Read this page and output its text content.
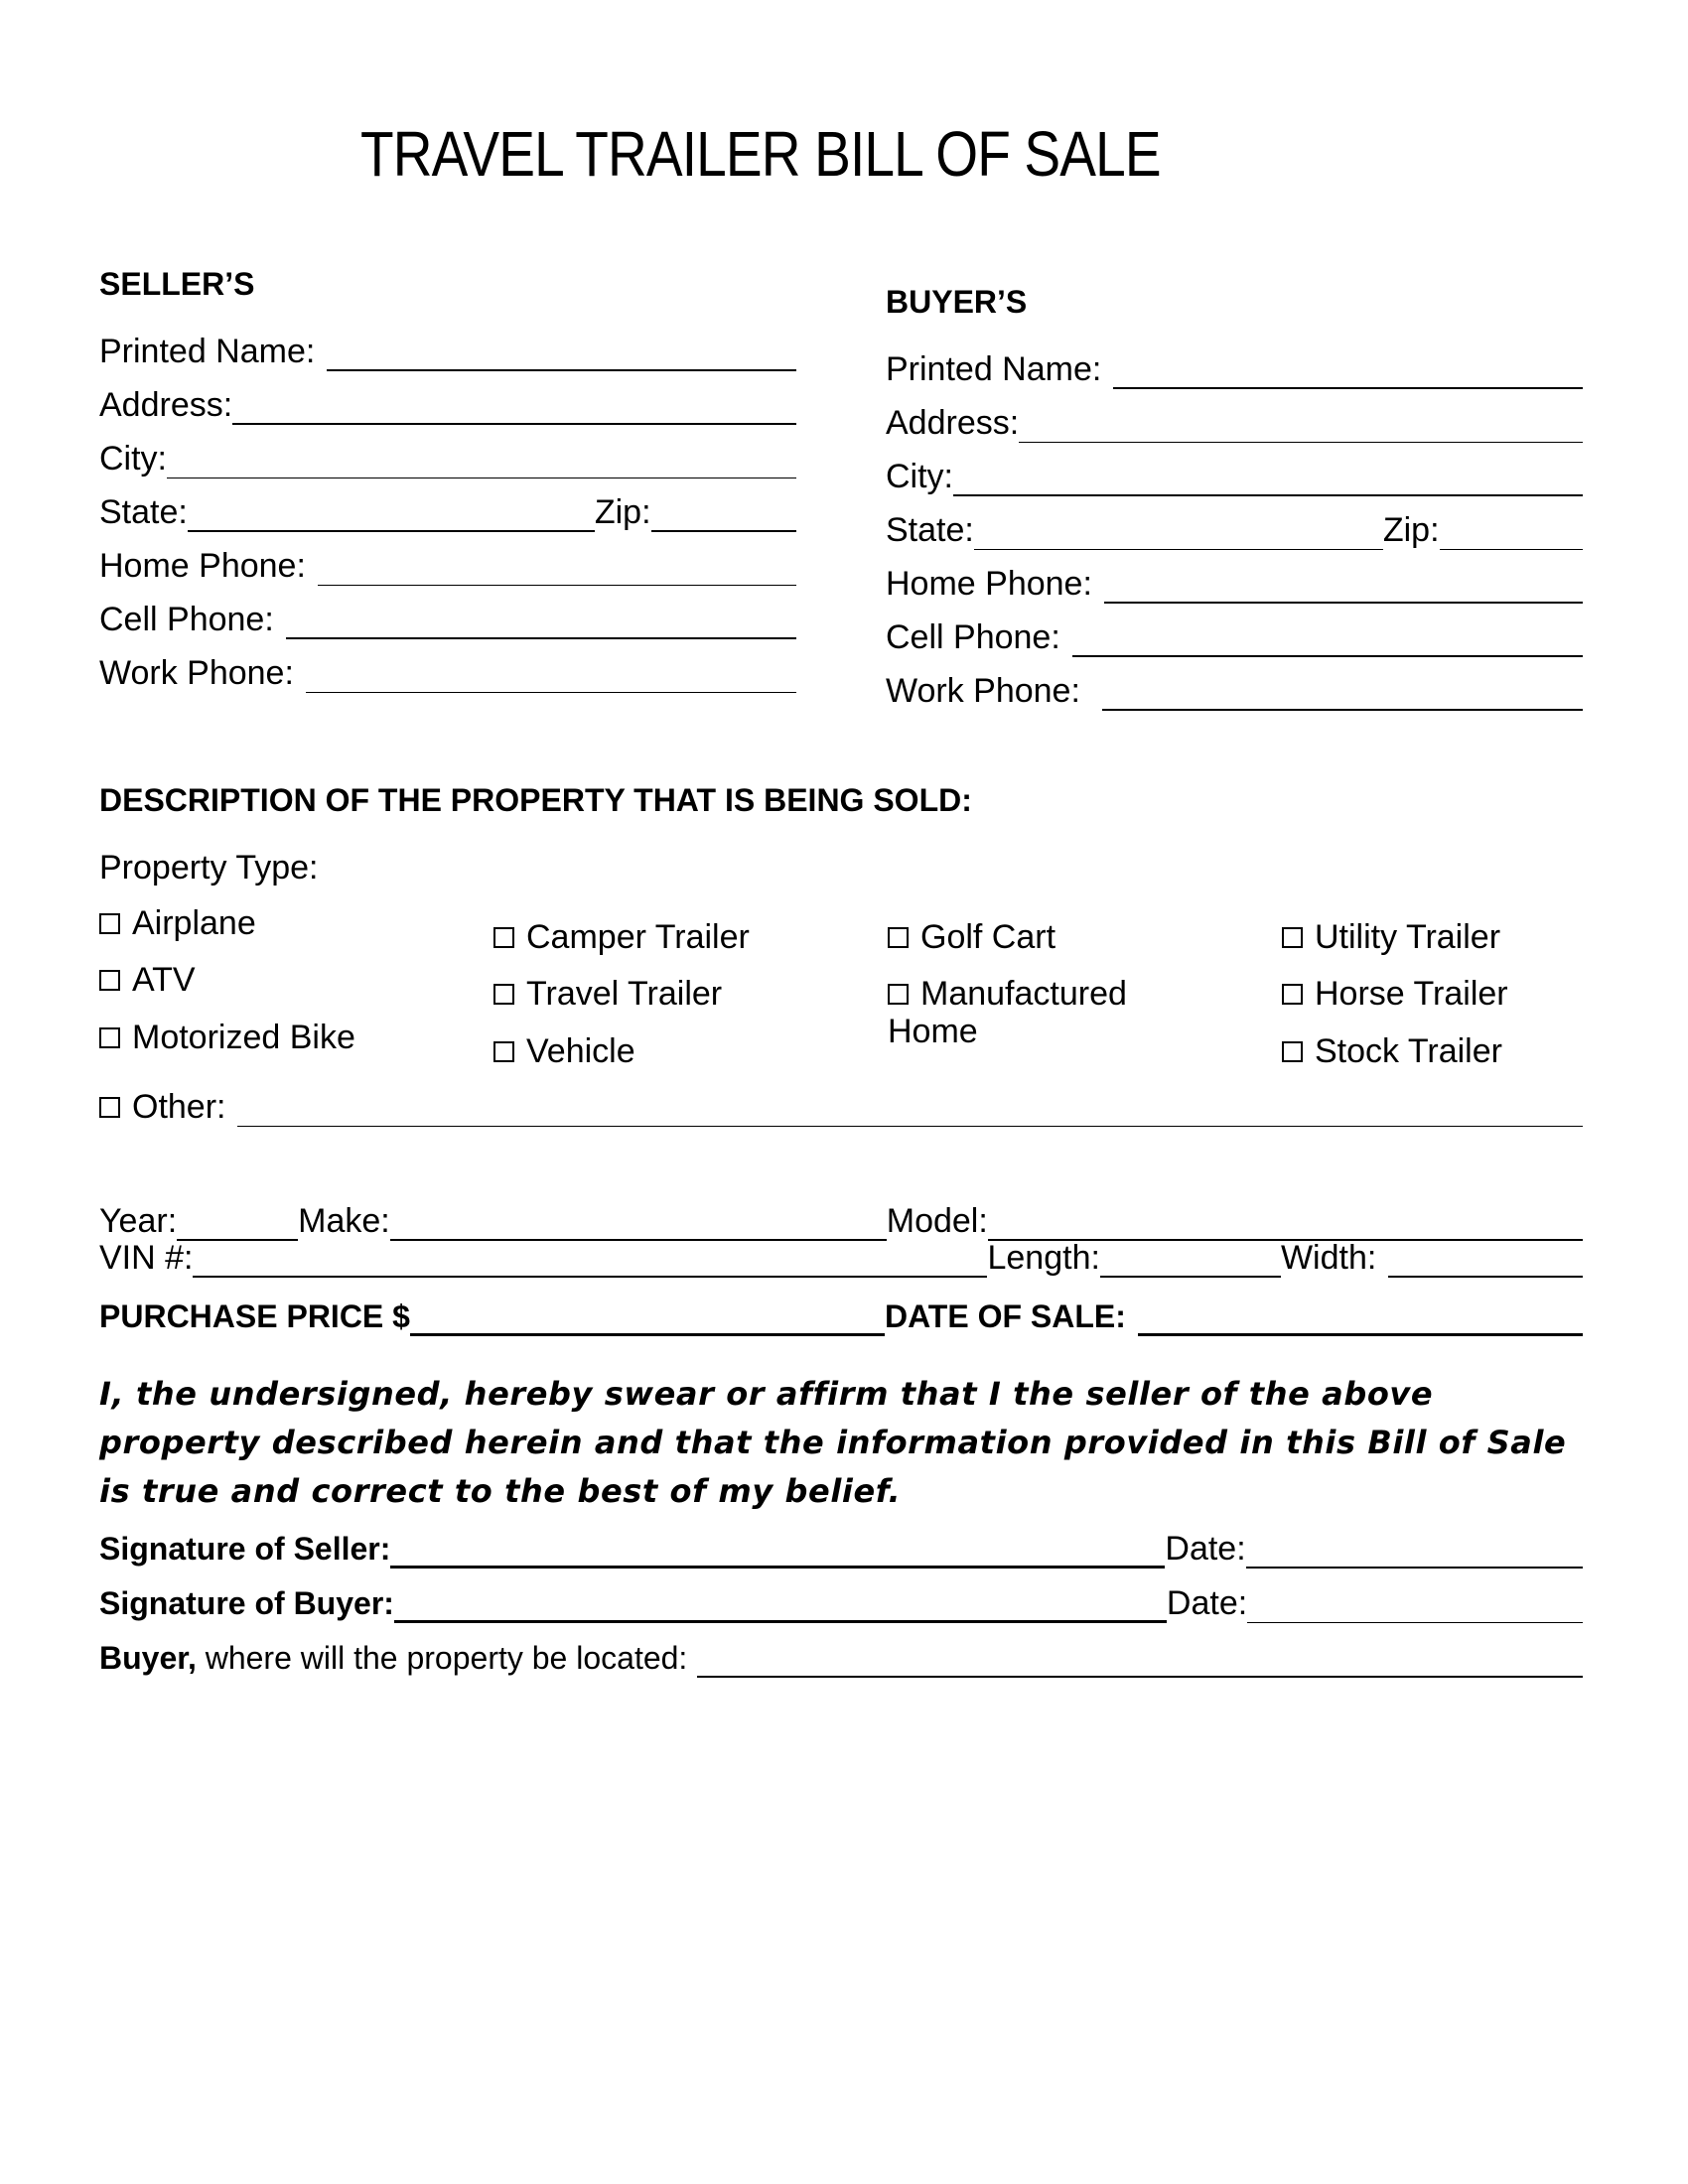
TRAVEL TRAILER BILL OF SALE
SELLER’S
Printed Name:
Address:
City:
State:	Zip:
Home Phone:
Cell Phone:
Work Phone:
BUYER’S
Printed Name:
Address:
City:
State:	Zip:
Home Phone:
Cell Phone:
Work Phone:
DESCRIPTION OF THE PROPERTY THAT IS BEING SOLD:
Property Type:
Airplane
ATV
Motorized Bike
Camper Trailer
Travel Trailer
Vehicle
Golf Cart
Manufactured
Home
Utility Trailer
Horse Trailer
Stock Trailer
Other:
Year:	Make:	Model:
VIN #:	Length:	Width:
PURCHASE PRICE $	DATE OF SALE:
I, the undersigned, hereby swear or affirm that I the seller of the above property described herein and that the information provided in this Bill of Sale is true and correct to the best of my belief.
Signature of Seller:	Date:
Signature of Buyer:	Date:
Buyer, where will the property be located:
